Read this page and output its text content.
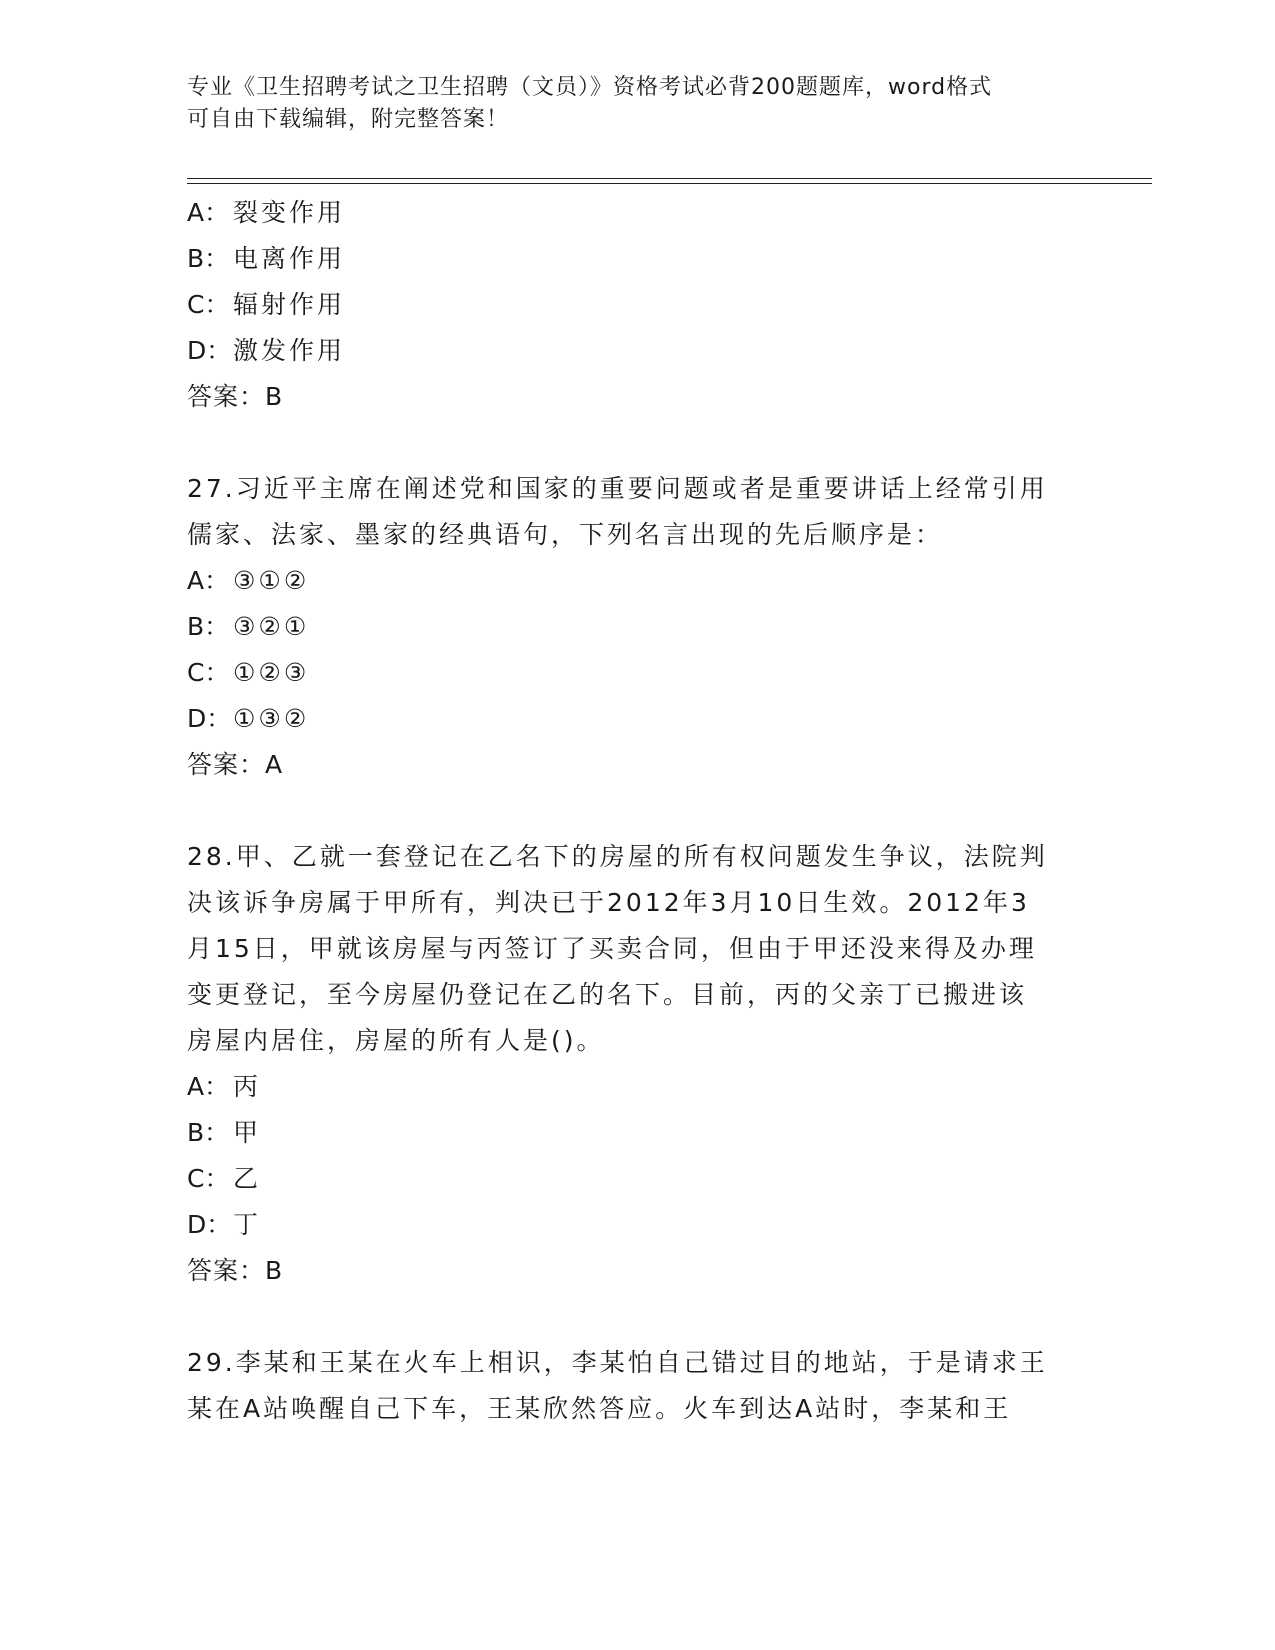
专业《卫生招聘考试之卫生招聘（文员）》资格考试必背200题题库，word格式
可自由下载编辑，附完整答案！
A： 裂变作用
B： 电离作用
C： 辐射作用
D：激发作用
答案：B
27.习近平主席在阐述党和国家的重要问题或者是重要讲话上经常引用
儒家、法家、墨家的经典语句，下列名言出现的先后顺序是：
A： ③①②
B： ③②①
C： ①②③
D：①③②
答案：A
28.甲、乙就一套登记在乙名下的房屋的所有权问题发生争议，法院判
决该诉争房属于甲所有，判决已于2012年3月10日生效。2012年3
月15日，甲就该房屋与丙签订了买卖合同，但由于甲还没来得及办理
变更登记，至今房屋仍登记在乙的名下。目前，丙的父亲丁已搬进该
房屋内居住，房屋的所有人是()。
A： 丙
B： 甲
C： 乙
D：丁
答案：B
29.李某和王某在火车上相识，李某怕自己错过目的地站，于是请求王
某在A站唤醒自己下车，王某欣然答应。火车到达A站时，李某和王
